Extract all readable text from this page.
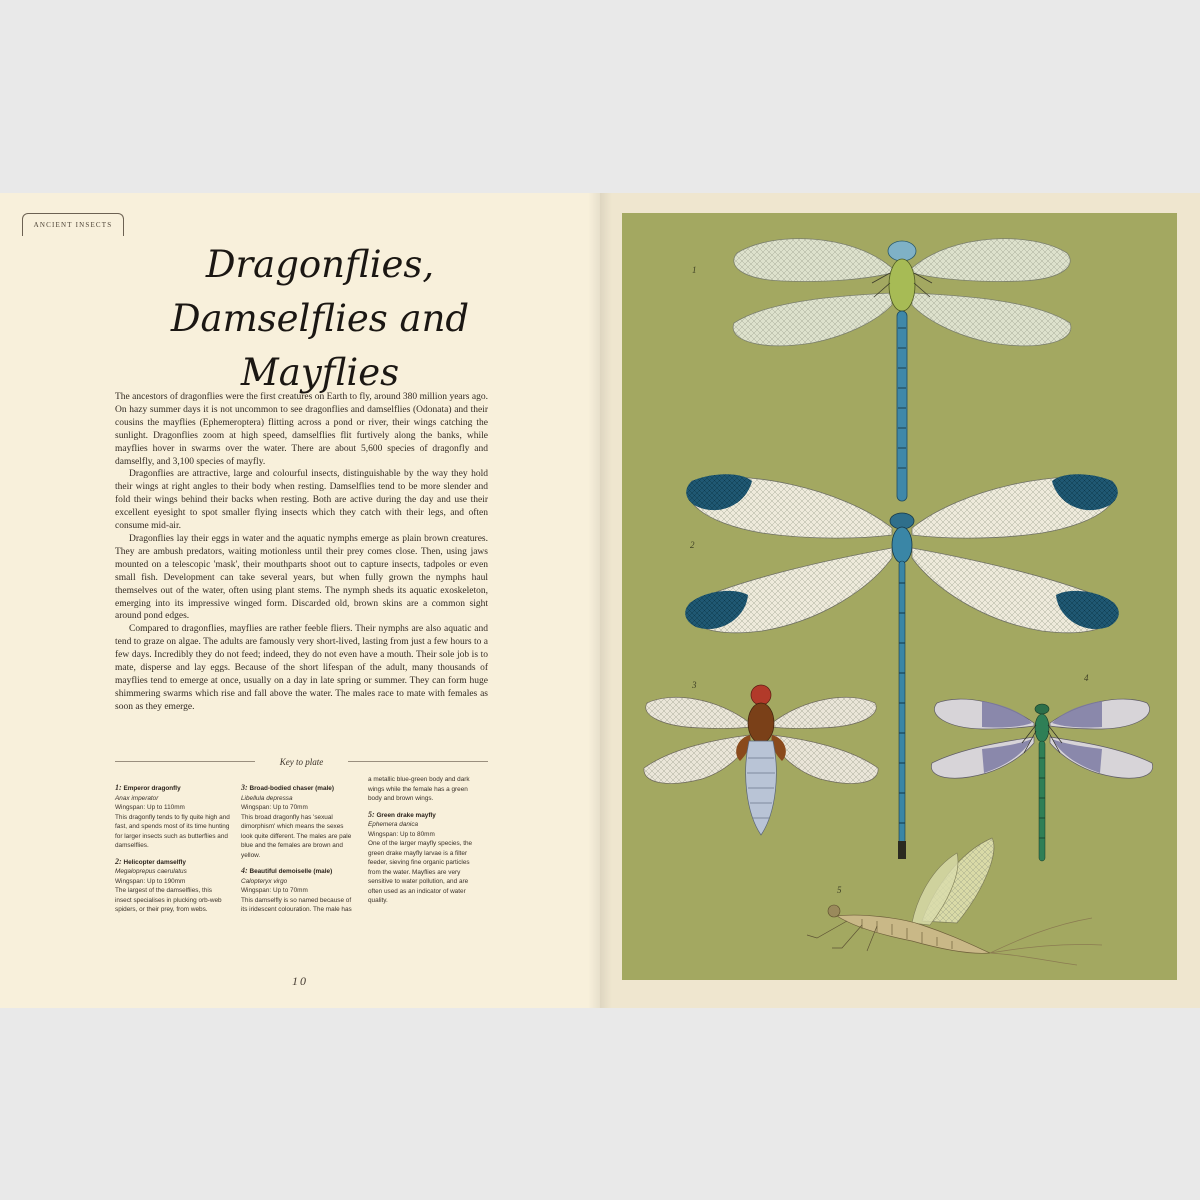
ANCIENT INSECTS
Dragonflies,
Damselflies and
Mayflies

The ancestors of dragonflies were the first creatures on Earth to fly, around 380 million years ago. On hazy summer days it is not uncommon to see dragonflies and damselflies (Odonata) and their cousins the mayflies (Ephemeroptera) flitting across a pond or river, their wings catching the sunlight. Dragonflies zoom at high speed, damselflies flit furtively along the banks, while mayflies hover in swarms over the water. There are about 5,600 species of dragonfly and damselfly, and 3,100 species of mayfly.

Dragonflies are attractive, large and colourful insects, distinguishable by the way they hold their wings at right angles to their body when resting. Damselflies tend to be more slender and fold their wings behind their backs when resting. Both are active during the day and use their excellent eyesight to spot smaller flying insects which they catch with their legs, and often consume mid-air.

Dragonflies lay their eggs in water and the aquatic nymphs emerge as plain brown creatures. They are ambush predators, waiting motionless until their prey comes close. Then, using jaws mounted on a telescopic 'mask', their mouthparts shoot out to capture insects, tadpoles or even small fish. Development can take several years, but when fully grown the nymphs haul themselves out of the water, often using plant stems. The nymph sheds its aquatic exoskeleton, emerging into its impressive winged form. Discarded old, brown skins are a common sight around pond edges.

Compared to dragonflies, mayflies are rather feeble fliers. Their nymphs are also aquatic and tend to graze on algae. The adults are famously very short-lived, lasting from just a few hours to a few days. Incredibly they do not feed; indeed, they do not even have a mouth. Their sole job is to mate, disperse and lay eggs. Because of the short lifespan of the adult, many thousands of mayflies tend to emerge at once, usually on a day in late spring or summer. They can form huge shimmering swarms which rise and fall above the water. The males race to mate with females as soon as they emerge.

Key to plate
1: Emperor dragonfly
Anax imperator
Wingspan: Up to 110mm
This dragonfly tends to fly quite high and fast, and spends most of its time hunting for larger insects such as butterflies and damselflies.
2: Helicopter damselfly
Megaloprepus caerulatus
Wingspan: Up to 190mm
The largest of the damselflies, this insect specialises in plucking orb-web spiders, or their prey, from webs.
3: Broad-bodied chaser (male)
Libellula depressa
Wingspan: Up to 70mm
This broad dragonfly has 'sexual dimorphism' which means the sexes look quite different. The males are pale blue and the females are brown and yellow.
4: Beautiful demoiselle (male)
Calopteryx virgo
Wingspan: Up to 70mm
This damselfly is so named because of its iridescent colouration. The male has
a metallic blue-green body and dark wings while the female has a green body and brown wings.
5: Green drake mayfly
Ephemera danica
Wingspan: Up to 80mm
One of the larger mayfly species, the green drake mayfly larvae is a filter feeder, sieving fine organic particles from the water. Mayflies are very sensitive to water pollution, and are often used as an indicator of water quality.
10
1
2
3
4
5
